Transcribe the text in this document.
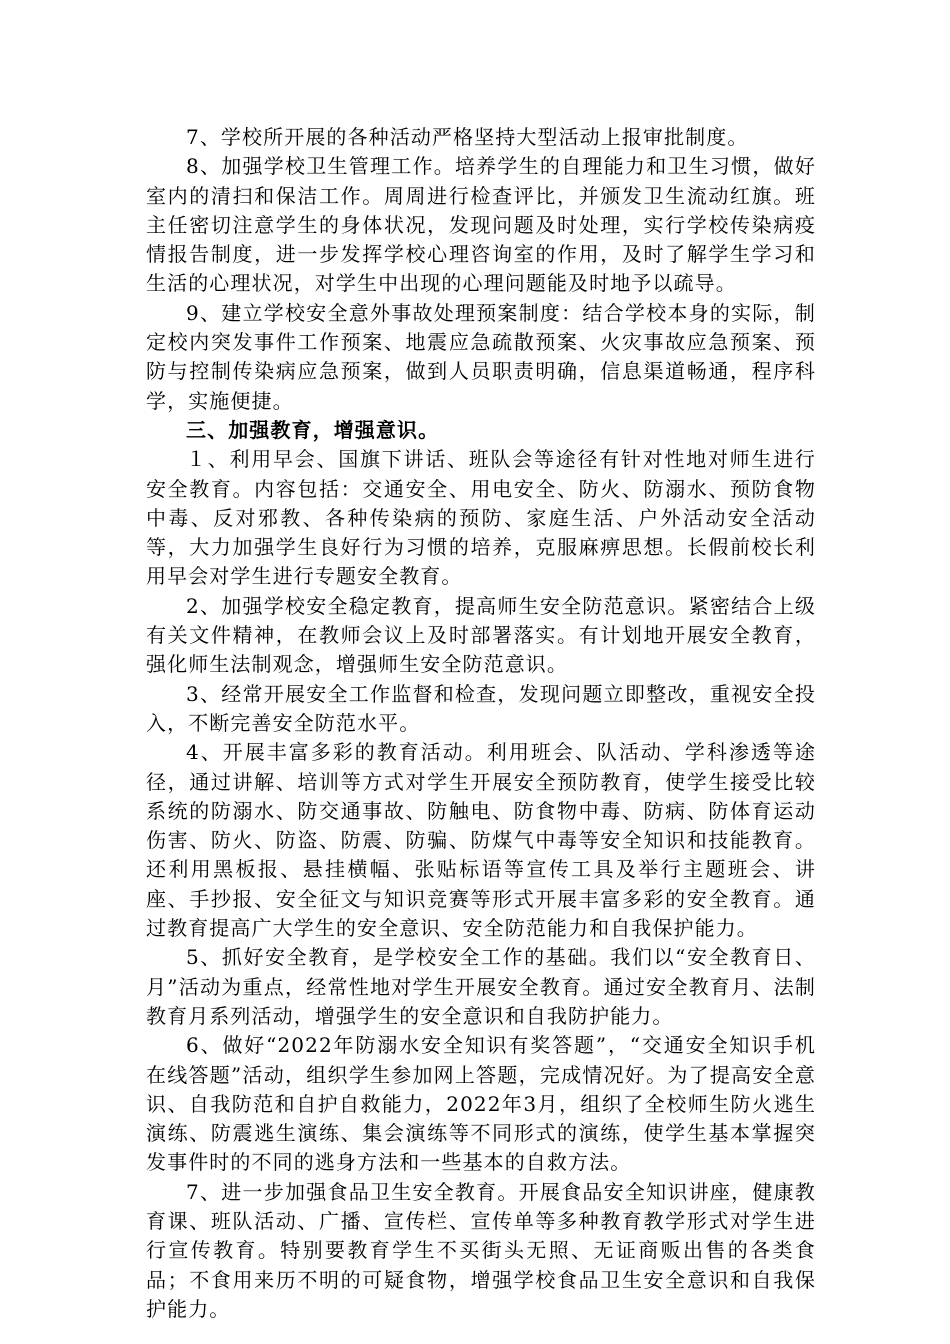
7、学校所开展的各种活动严格坚持大型活动上报审批制度。

8、加强学校卫生管理工作。培养学生的自理能力和卫生习惯，做好室内的清扫和保洁工作。周周进行检查评比，并颁发卫生流动红旗。班主任密切注意学生的身体状况，发现问题及时处理，实行学校传染病疫情报告制度，进一步发挥学校心理咨询室的作用，及时了解学生学习和生活的心理状况，对学生中出现的心理问题能及时地予以疏导。

9、建立学校安全意外事故处理预案制度：结合学校本身的实际，制定校内突发事件工作预案、地震应急疏散预案、火灾事故应急预案、预防与控制传染病应急预案，做到人员职责明确，信息渠道畅通，程序科学，实施便捷。

三、加强教育，增强意识。

１、利用早会、国旗下讲话、班队会等途径有针对性地对师生进行安全教育。内容包括：交通安全、用电安全、防火、防溺水、预防食物中毒、反对邪教、各种传染病的预防、家庭生活、户外活动安全活动等，大力加强学生良好行为习惯的培养，克服麻痹思想。长假前校长利用早会对学生进行专题安全教育。

2、加强学校安全稳定教育，提高师生安全防范意识。紧密结合上级有关文件精神，在教师会议上及时部署落实。有计划地开展安全教育，强化师生法制观念，增强师生安全防范意识。

3、经常开展安全工作监督和检查，发现问题立即整改，重视安全投入，不断完善安全防范水平。

4、开展丰富多彩的教育活动。利用班会、队活动、学科渗透等途径，通过讲解、培训等方式对学生开展安全预防教育，使学生接受比较系统的防溺水、防交通事故、防触电、防食物中毒、防病、防体育运动伤害、防火、防盗、防震、防骗、防煤气中毒等安全知识和技能教育。还利用黑板报、悬挂横幅、张贴标语等宣传工具及举行主题班会、讲座、手抄报、安全征文与知识竞赛等形式开展丰富多彩的安全教育。通过教育提高广大学生的安全意识、安全防范能力和自我保护能力。

5、抓好安全教育，是学校安全工作的基础。我们以“安全教育日、月”活动为重点，经常性地对学生开展安全教育。通过安全教育月、法制教育月系列活动，增强学生的安全意识和自我防护能力。

6、做好“2022年防溺水安全知识有奖答题”，“交通安全知识手机在线答题”活动，组织学生参加网上答题，完成情况好。为了提高安全意识、自我防范和自护自救能力，2022年3月，组织了全校师生防火逃生演练、防震逃生演练、集会演练等不同形式的演练，使学生基本掌握突发事件时的不同的逃身方法和一些基本的自救方法。

7、进一步加强食品卫生安全教育。开展食品安全知识讲座，健康教育课、班队活动、广播、宣传栏、宣传单等多种教育教学形式对学生进行宣传教育。特别要教育学生不买街头无照、无证商贩出售的各类食品；不食用来历不明的可疑食物，增强学校食品卫生安全意识和自我保护能力。
